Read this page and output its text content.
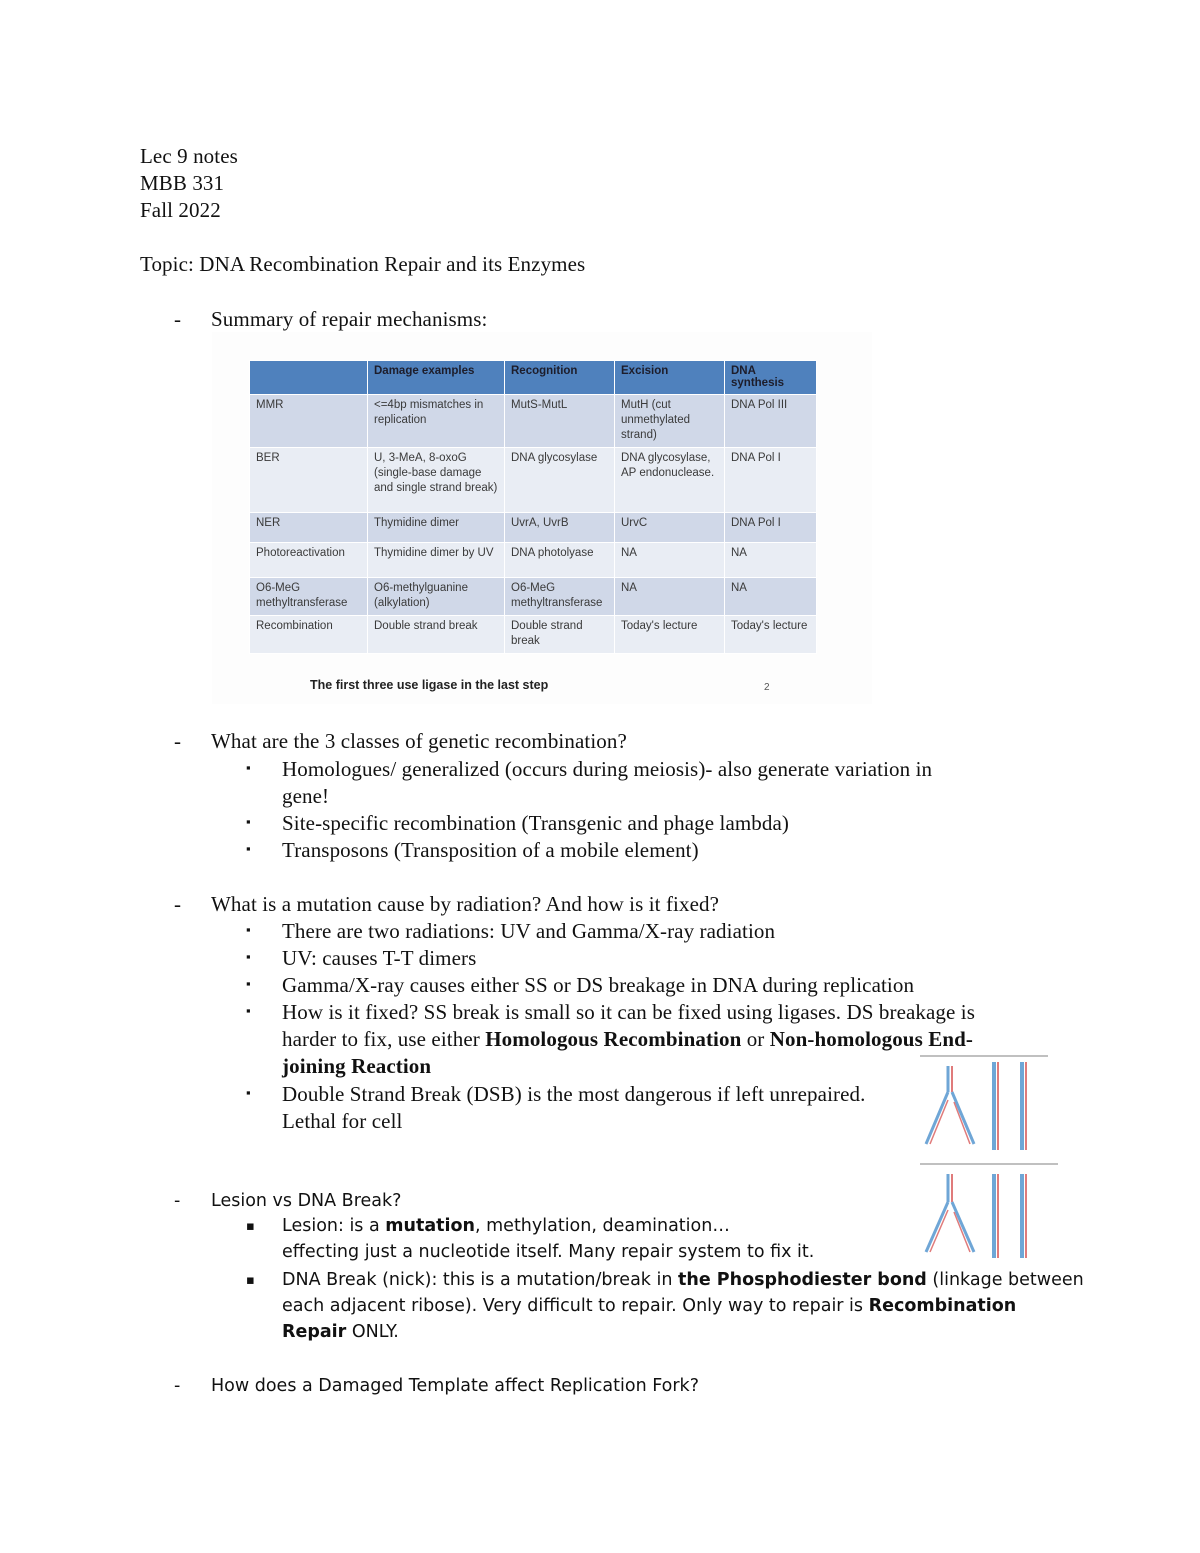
Lec 9 notes
MBB 331
Fall 2022
Topic: DNA Recombination Repair and its Enzymes
- Summary of repair mechanisms:
	Damage examples	Recognition	Excision	DNA synthesis
MMR	<=4bp mismatches in replication	MutS-MutL	MutH (cut unmethylated strand)	DNA Pol III
BER	U, 3-MeA, 8-oxoG (single-base damage and single strand break)	DNA glycosylase	DNA glycosylase, AP endonuclease.	DNA Pol I
NER	Thymidine dimer	UvrA, UvrB	UrvC	DNA Pol I
Photoreactivation	Thymidine dimer by UV	DNA photolyase	NA	NA
O6-MeG methyltransferase	O6-methylguanine (alkylation)	O6-MeG methyltransferase	NA	NA
Recombination	Double strand break	Double strand break	Today's lecture	Today's lecture
The first three use ligase in the last step	2
- What are the 3 classes of genetic recombination?
▪ Homologues/ generalized (occurs during meiosis)- also generate variation in
gene!
▪ Site-specific recombination (Transgenic and phage lambda)
▪ Transposons (Transposition of a mobile element)
- What is a mutation cause by radiation? And how is it fixed?
▪ There are two radiations: UV and Gamma/X-ray radiation
▪ UV: causes T-T dimers
▪ Gamma/X-ray causes either SS or DS breakage in DNA during replication
▪ How is it fixed? SS break is small so it can be fixed using ligases. DS breakage is
harder to fix, use either Homologous Recombination or Non-homologous End-
joining Reaction
▪ Double Strand Break (DSB) is the most dangerous if left unrepaired.
Lethal for cell
- Lesion vs DNA Break?
▪ Lesion: is a mutation, methylation, deamination…
effecting just a nucleotide itself. Many repair system to fix it.
▪ DNA Break (nick): this is a mutation/break in the Phosphodiester bond (linkage between
each adjacent ribose). Very difficult to repair. Only way to repair is Recombination
Repair ONLY.
- How does a Damaged Template affect Replication Fork?
